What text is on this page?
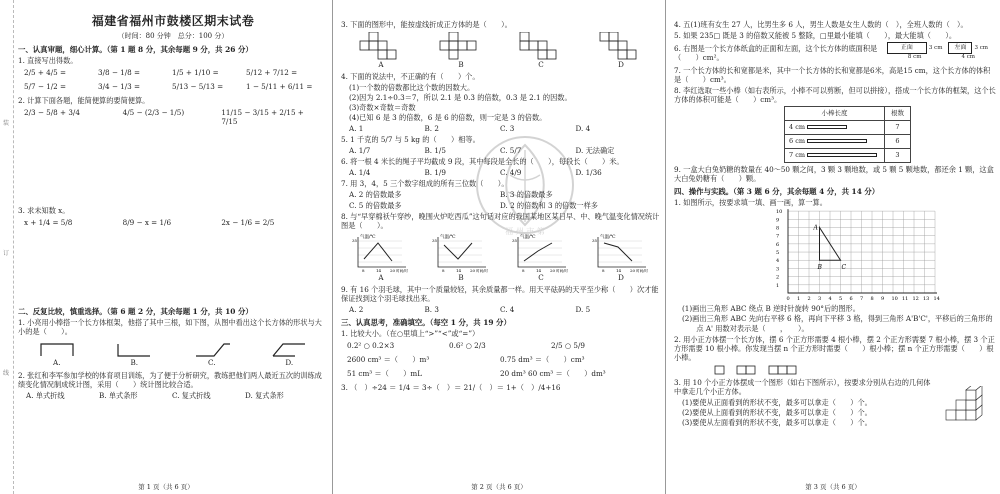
装
订
线
福建省福州市鼓楼区期末试卷
（时间：80 分钟　总分：100 分）
一、认真审题，细心计算。（第 1 题 8 分，其余每题 9 分，共 26 分）
1. 直接写出得数。
2/5 + 4/5 =	3/8 − 1/8 =	1/5 + 1/10 =	5/12 + 7/12 =
5/7 − 1/2 =	3/4 − 1/3 =	5/13 − 5/13 =	1 − 5/11 + 6/11 =
2. 计算下面各题，能简便算的要简便算。
2/3 − 5/8 + 3/4	4/5 − (2/3 − 1/5)	11/15 − 3/15 + 2/15 + 7/15
3. 求未知数 x。
x + 1/4 = 5/8	8/9 − x = 1/6	2x − 1/6 = 2/5
二、反复比较，慎重选择。（第 6 题 2 分，其余每题 1 分，共 10 分）
1. 小亮用小棒搭一个长方体框架，他搭了其中三根，如下图，从图中看出这个长方体的形状与大小的是（　　）。
A.	B.	C.	D.
2. 张红和李军参加学校的体育项目训练，为了便于分析研究，教练把他们两人最近五次的训练成绩变化情况制成统计图，采用（　　）统计图比较合适。
A. 单式折线	B. 单式条形	C. 复式折线	D. 复式条形
第 1 页（共 6 页）
3. 下面的图形中，能按虚线折成正方体的是（　　）。
A	B	C	D
4. 下面的说法中，不正确的有（　　）个。
(1)一个数的倍数都比这个数的因数大。
(2)因为 2.1÷0.3＝7，所以 2.1 是 0.3 的倍数，0.3 是 2.1 的因数。
(3)奇数×奇数＝奇数
(4)已知 6 是 3 的倍数，6 是 6 的倍数，则一定是 3 的倍数。
A. 1	B. 2	C. 3	D. 4
5. 1 千克的 5/7 与 5 kg 的（　　）相等。
A. 1/7	B. 1/5	C. 5/7	D. 无法确定
6. 将一根 4 米长的绳子平均截成 9 段，其中每段是全长的（　　），每段长（　　）米。
A. 1/4	B. 1/9	C. 4/9	D. 1/36
7. 用 3，4，5 三个数字组成的所有三位数（　　）。
A. 2 的倍数最多	B. 3 的倍数最多
C. 5 的倍数最多	D. 2 的倍数和 3 的倍数一样多
8. 与“早穿棉袄午穿纱，晚围火炉吃西瓜”这句话对应的我国某地区某日早、中、晚气温变化情况统计图是（　　）。
气温/℃
35
8	14 20 时间/时
A
气温/℃
35
8	14 20 时间/时
B
气温/℃
35
8	14 20 时间/时
C
气温/℃
35
8	14 20 时间/时
D
9. 有 16 个羽毛球，其中一个质量较轻，其余质量都一样。用天平砝码的天平至少称（　　）次才能保证找到这个羽毛球找出来。
A. 2	B. 3	C. 4	D. 5
三、认真思考，准确填空。（每空 1 分，共 19 分）
1. 比较大小。（在○里填上“>”“<”或“=”）
0.2² ○ 0.2×3	0.6² ○ 2/3	2/5 ○ 5/9
2600 cm³ ＝（　　）m³	0.75 dm³ ＝（　　）cm³
51 cm³ ＝（　　）mL	20 dm³ 60 cm³ ＝（　　）dm³
3. （　）÷24 ＝ 1/4 ＝ 3÷（　）＝ 21/（　）＝ 1+（　）/4+16
第 2 页（共 6 页）
4. 五(1)班有女生 27 人，比男生多 6 人，男生人数是女生人数的（　），全班人数的（　）。
5. 如果 235□ 既是 3 的倍数又能被 5 整除，□里最小能填（　　），最大能填（　　）。
6. 右图是一个长方体纸盒的正面和左面，这个长方体的底面积是（　　）cm²。
正面	3 cm
8 cm
左面	3 cm
4 cm
7. 一个长方体的长和宽都是米，其中一个长方体的长和宽都是6米，高是15 cm，这个长方体的体积是（　　）cm³。
8. 李红选取一些小棒（如右表所示，小棒不可以剪断，但可以拼接），搭成一个长方体的框架，这个长方体的体积可能是（　　）cm³。
小棒长度	根数
4 cm	7
6 cm	6
7 cm	3
9. 一盒大白兔奶糖的数量在 40～50 颗之间，3 颗 3 颗地数，或 5 颗 5 颗地数，都还余 1 颗，这盒大白兔奶糖有（　　）颗。
四、操作与实践。（第 3 题 6 分，其余每题 4 分，共 14 分）
1. 如图所示，按要求填一填、画一画，算一算。
0 1 2 3 4 5 6 7 8 9 10 11 12 13 14
1
2
3
4
5
6
7
8
9
10
A
B	C
(1)画出三角形 ABC 绕点 B 逆时针旋转 90°后的图形。
(2)画出三角形 ABC 先向右平移 6 格，再向下平移 3 格，得到三角形 A'B'C'，平移后的三角形的
　　点 A' 用数对表示是（　　，　　）。
2. 用小正方体摆一个长方体，摆 6 个正方形需要 4 根小棒，摆 2 个正方形需要 7 根小棒，摆 3 个正方形需要 10 根小棒。你发现当摆 n 个正方形时需要（　　）根小棒；摆 n 个正方形需要（　　）根小棒。
3. 用 10 个小正方体摆成一个图形（如右下图所示），按要求分别从右边的几何体中拿走几个小正方体。
(1)要使从正面看到的形状不变，最多可以拿走（　　）个。
(2)要使从上面看到的形状不变，最多可以拿走（　　）个。
(3)要使从左面看到的形状不变，最多可以拿走（　　）个。
第 3 页（共 6 页）
福 州 市 第
